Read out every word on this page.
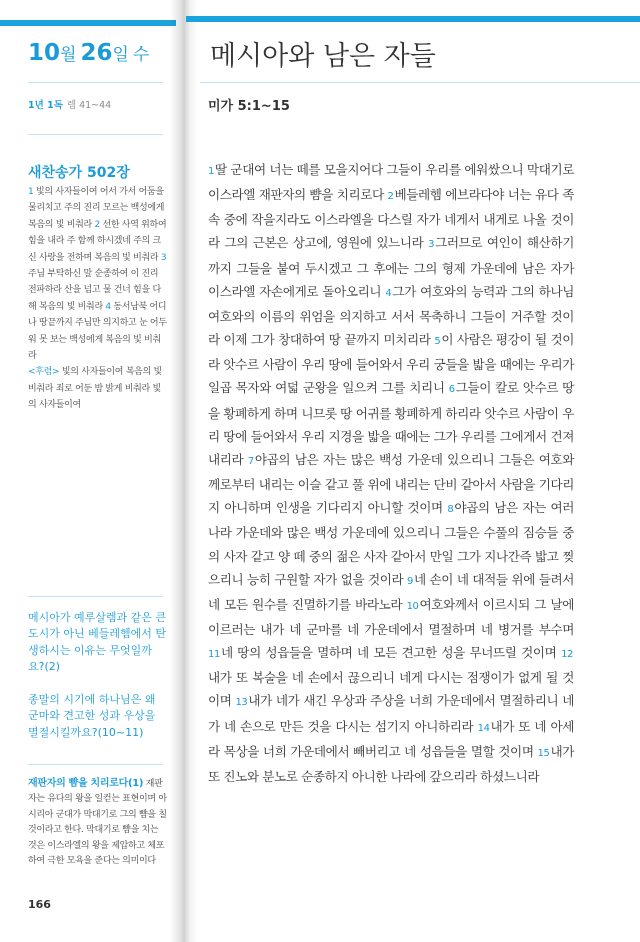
10월 26일 수
1년 1독 렘 41~44
새찬송가 502장
1 빛의 사자들이여 어서 가서 어둠을 물리치고 주의 진리 모르는 백성에게 복음의 빛 비춰라 2 선한 사역 위하여 힘을 내라 주 함께 하시겠네 주의 크신 사랑을 전하며 복음의 빛 비춰라 3 주님 부탁하신 말 순종하여 이 진리 전파하라 산을 넘고 물 건너 힘을 다해 복음의 빛 비춰라 4 동서남북 어디나 땅끝까지 주님만 의지하고 눈 어두워 못 보는 백성에게 복음의 빛 비춰라
<후렴> 빛의 사자들이여 복음의 빛 비춰라 죄로 어둔 밤 밝게 비춰라 빛의 사자들이여
메시아가 예루살렘과 같은 큰 도시가 아닌 베들레헴에서 탄생하시는 이유는 무엇일까요?(2)
종말의 시기에 하나님은 왜 군마와 견고한 성과 우상을 멸절시킬까요?(10~11)
재판자의 뺨을 치리로다(1) 재판자는 유다의 왕을 일컫는 표현이며 아시리아 군대가 막대기로 그의 뺨을 칠 것이라고 한다. 막대기로 뺨을 치는 것은 이스라엘의 왕을 제압하고 체포하여 극한 모욕을 준다는 의미이다
166
메시아와 남은 자들
미가 5:1~15
1딸 군대여 너는 떼를 모을지어다 그들이 우리를 에워쌌으니 막대기로 이스라엘 재판자의 뺨을 치리로다 2베들레헴 에브라다야 너는 유다 족속 중에 작을지라도 이스라엘을 다스릴 자가 네게서 내게로 나올 것이라 그의 근본은 상고에, 영원에 있느니라 3그러므로 여인이 해산하기까지 그들을 붙여 두시겠고 그 후에는 그의 형제 가운데에 남은 자가 이스라엘 자손에게로 돌아오리니 4그가 여호와의 능력과 그의 하나님 여호와의 이름의 위엄을 의지하고 서서 목축하니 그들이 거주할 것이라 이제 그가 창대하여 땅 끝까지 미치리라 5이 사람은 평강이 될 것이라 앗수르 사람이 우리 땅에 들어와서 우리 궁들을 밟을 때에는 우리가 일곱 목자와 여덟 군왕을 일으켜 그를 치리니 6그들이 칼로 앗수르 땅을 황폐하게 하며 니므롯 땅 어귀를 황폐하게 하리라 앗수르 사람이 우리 땅에 들어와서 우리 지경을 밟을 때에는 그가 우리를 그에게서 건져내리라 7야곱의 남은 자는 많은 백성 가운데 있으리니 그들은 여호와께로부터 내리는 이슬 같고 풀 위에 내리는 단비 같아서 사람을 기다리지 아니하며 인생을 기다리지 아니할 것이며 8야곱의 남은 자는 여러 나라 가운데와 많은 백성 가운데에 있으리니 그들은 수풀의 짐승들 중의 사자 같고 양 떼 중의 젊은 사자 같아서 만일 그가 지나간즉 밟고 찢으리니 능히 구원할 자가 없을 것이라 9네 손이 네 대적들 위에 들려서 네 모든 원수를 진멸하기를 바라노라 10여호와께서 이르시되 그 날에 이르러는 내가 네 군마를 네 가운데에서 멸절하며 네 병거를 부수며 11네 땅의 성읍들을 멸하며 네 모든 견고한 성을 무너뜨릴 것이며 12내가 또 복술을 네 손에서 끊으리니 네게 다시는 점쟁이가 없게 될 것이며 13내가 네가 새긴 우상과 주상을 너희 가운데에서 멸절하리니 네가 네 손으로 만든 것을 다시는 섬기지 아니하리라 14내가 또 네 아세라 목상을 너희 가운데에서 빼버리고 네 성읍들을 멸할 것이며 15내가 또 진노와 분노로 순종하지 아니한 나라에 갚으리라 하셨느니라
